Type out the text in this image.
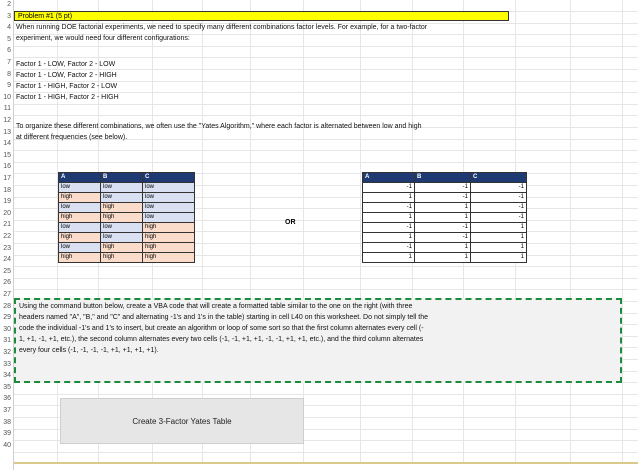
2
3
4
5
6
7
8
9
10
11
12
13
14
15
16
17
18
19
20
21
22
23
24
25
26
27
28
29
30
31
32
33
34
35
36
37
38
39
40
Problem #1 (5 pt)
When running DOE factorial experiments, we need to specify many different combinations factor levels. For example, for a two-factor
experiment, we would need four different configurations:
Factor 1 - LOW, Factor 2 - LOW
Factor 1 - LOW, Factor 2 - HIGH
Factor 1 - HIGH, Factor 2 - LOW
Factor 1 - HIGH, Factor 2 - HIGH
To organize these different combinations, we often use the "Yates Algorithm," where each factor is alternated between low and high
at different frequencies (see below).
A	B	C
low	low	low
high	low	low
low	high	low
high	high	low
low	low	high
high	low	high
low	high	high
high	high	high
OR
A	B	C
-1	-1	-1
1	-1	-1
-1	1	-1
1	1	-1
-1	-1	1
1	-1	1
-1	1	1
1	1	1
Using the command button below, create a VBA code that will create a formatted table similar to the one on the right (with three
headers named "A", "B," and "C" and alternating -1's and 1's in the table) starting in cell L40 on this worksheet. Do not simply tell the
code the individual -1's and 1's to insert, but create an algorithm or loop of some sort so that the first column alternates every cell (-
1, +1, -1, +1, etc.), the second column alternates every two cells (-1, -1, +1, +1, -1, -1, +1, +1, etc.), and the third column alternates
every four cells (-1, -1, -1, -1, +1, +1, +1, +1).
Create 3-Factor Yates Table
